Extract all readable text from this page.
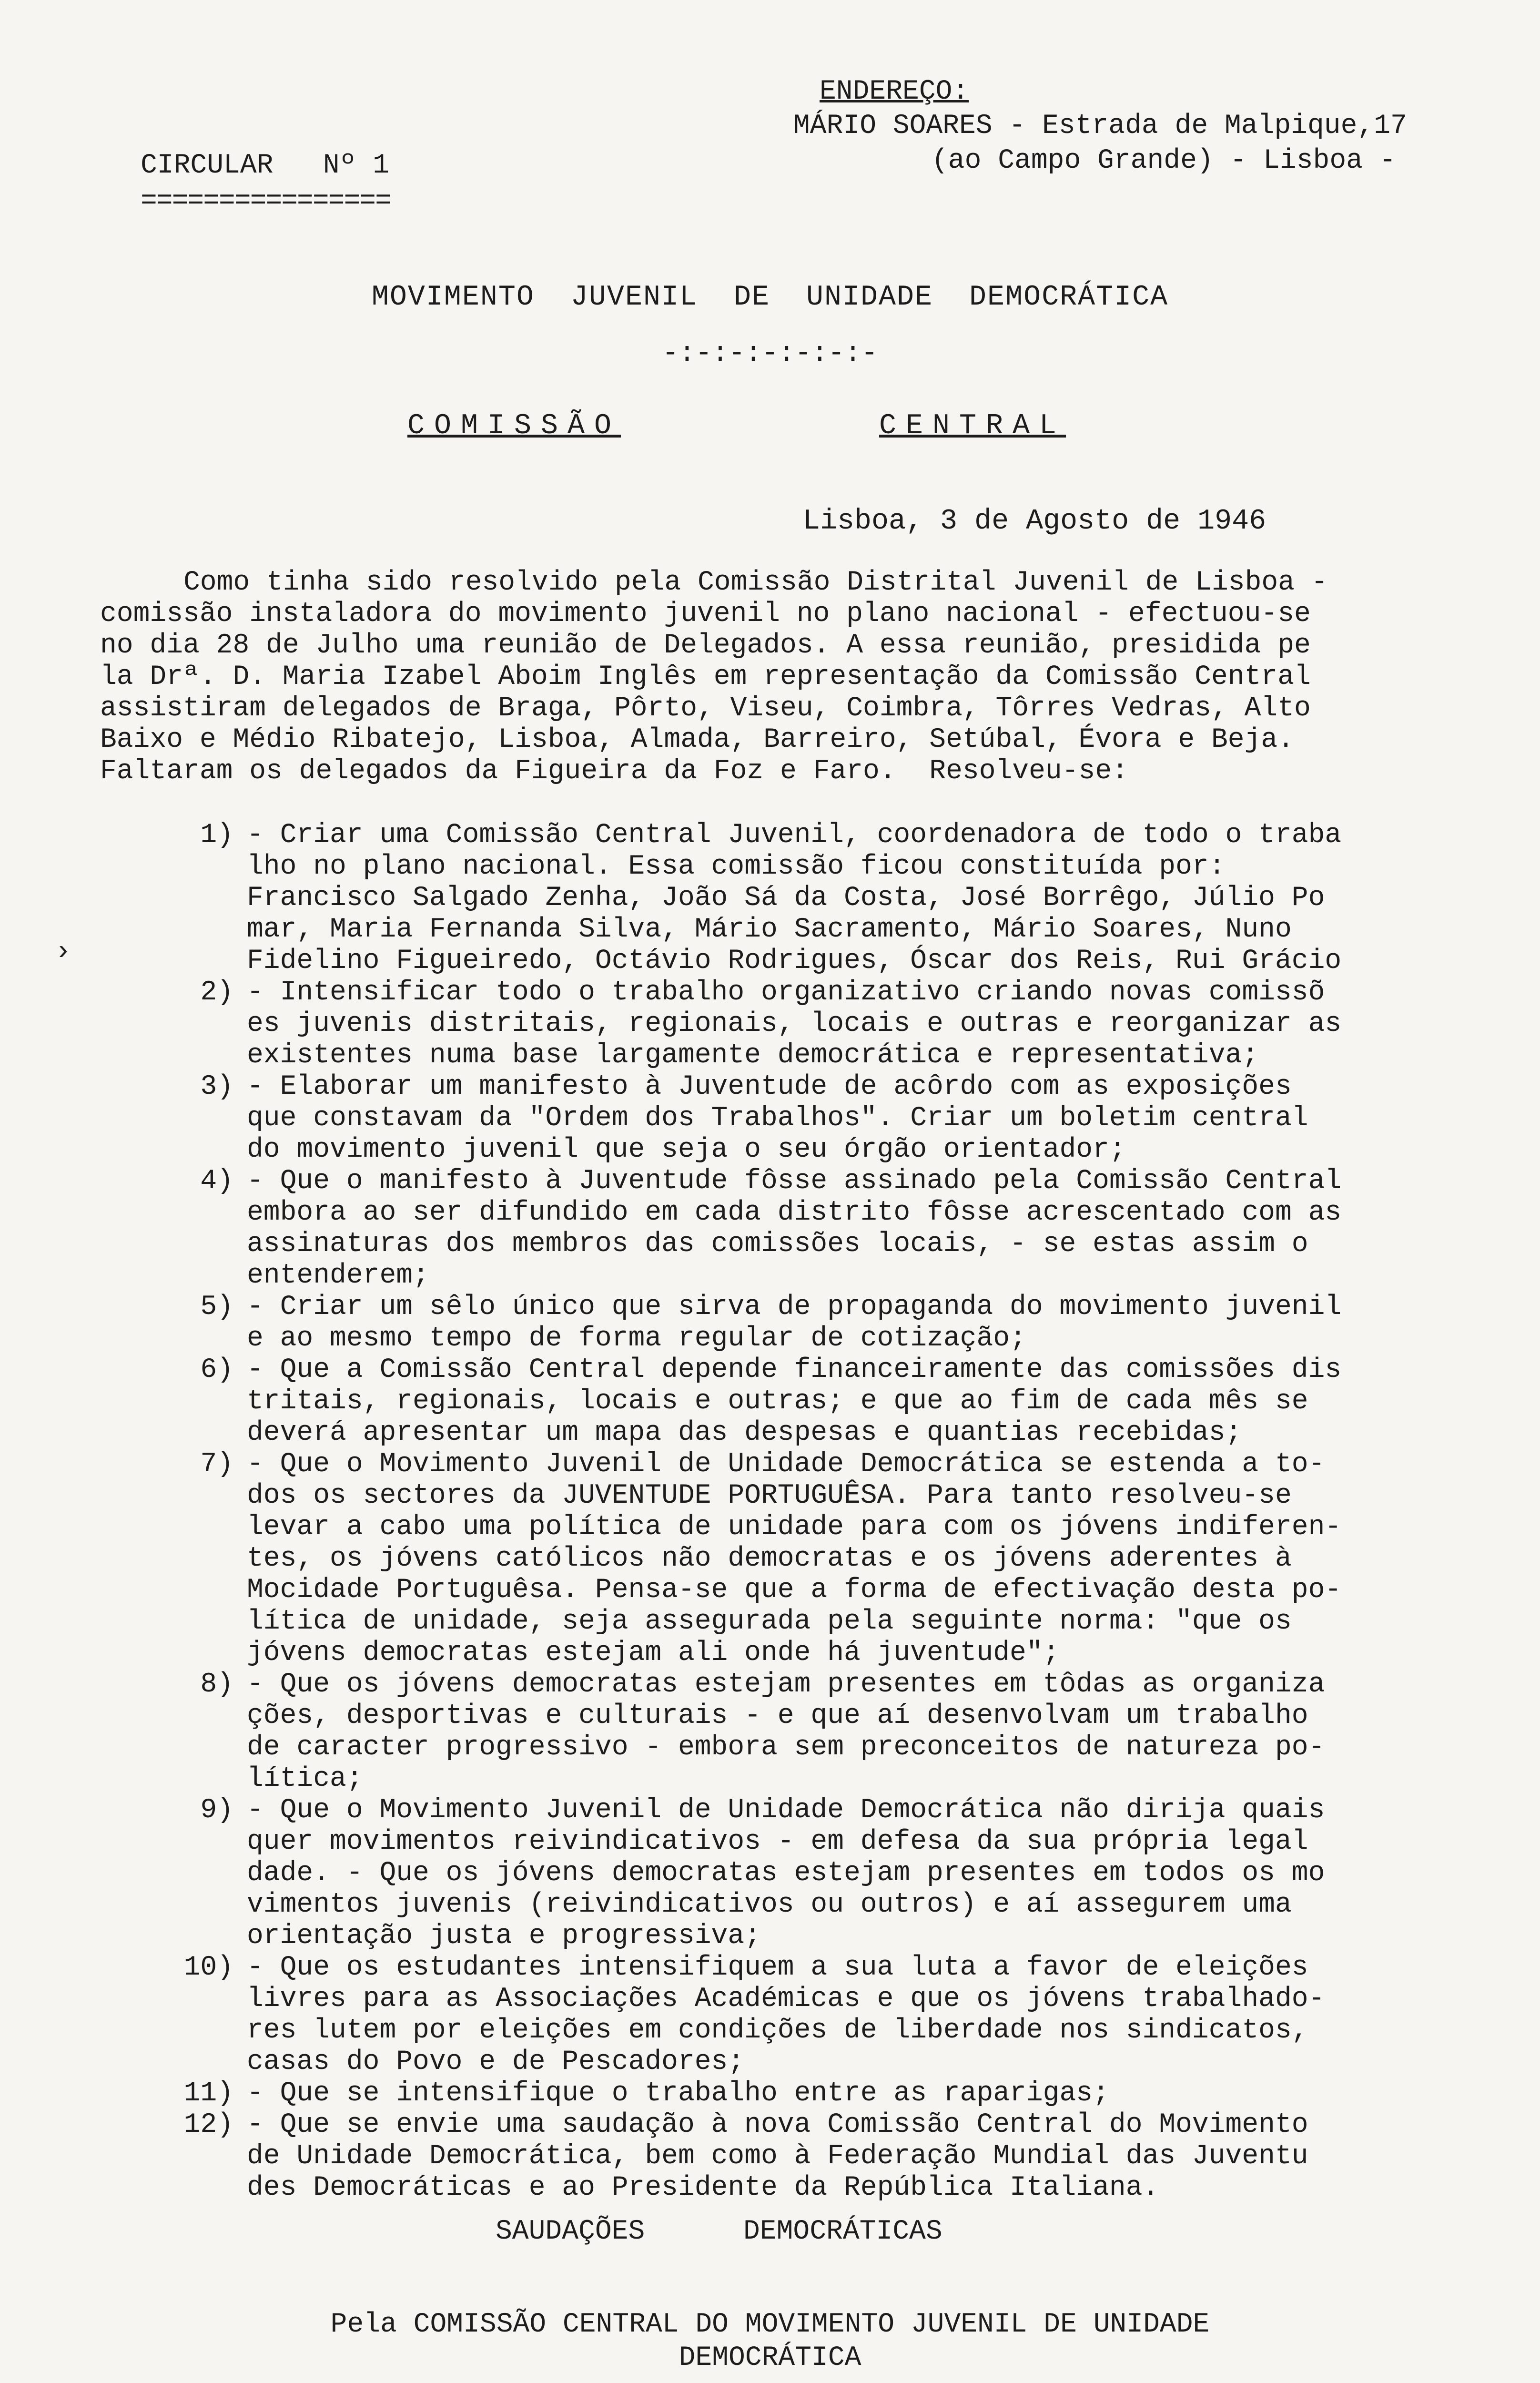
ENDEREÇO:
MÁRIO SOARES - Estrada de Malpique,17
(ao Campo Grande) - Lisboa -
CIRCULAR   Nº 1
================
MOVIMENTO  JUVENIL  DE  UNIDADE  DEMOCRÁTICA
-:-:-:-:-:-:-
COMISSÃO	CENTRAL
Lisboa, 3 de Agosto de 1946
›

Como tinha sido resolvido pela Comissão Distrital Juvenil de Lisboa -

comissão instaladora do movimento juvenil no plano nacional - efectuou-se

no dia 28 de Julho uma reunião de Delegados. A essa reunião, presidida pe

la Drª. D. Maria Izabel Aboim Inglês em representação da Comissão Central

assistiram delegados de Braga, Pôrto, Viseu, Coimbra, Tôrres Vedras, Alto

Baixo e Médio Ribatejo, Lisboa, Almada, Barreiro, Setúbal, Évora e Beja.

Faltaram os delegados da Figueira da Foz e Faro.  Resolveu-se:

1) - Criar uma Comissão Central Juvenil, coordenadora de todo o traba
lho no plano nacional. Essa comissão ficou constituída por:
Francisco Salgado Zenha, João Sá da Costa, José Borrêgo, Júlio Po
mar, Maria Fernanda Silva, Mário Sacramento, Mário Soares, Nuno
Fidelino Figueiredo, Octávio Rodrigues, Óscar dos Reis, Rui Grácio
2) - Intensificar todo o trabalho organizativo criando novas comissõ
es juvenis distritais, regionais, locais e outras e reorganizar as
existentes numa base largamente democrática e representativa;
3) - Elaborar um manifesto à Juventude de acôrdo com as exposições
que constavam da "Ordem dos Trabalhos". Criar um boletim central
do movimento juvenil que seja o seu órgão orientador;
4) - Que o manifesto à Juventude fôsse assinado pela Comissão Central
embora ao ser difundido em cada distrito fôsse acrescentado com as
assinaturas dos membros das comissões locais, - se estas assim o
entenderem;
5) - Criar um sêlo único que sirva de propaganda do movimento juvenil
e ao mesmo tempo de forma regular de cotização;
6) - Que a Comissão Central depende financeiramente das comissões dis
tritais, regionais, locais e outras; e que ao fim de cada mês se
deverá apresentar um mapa das despesas e quantias recebidas;
7) - Que o Movimento Juvenil de Unidade Democrática se estenda a to-
dos os sectores da JUVENTUDE PORTUGUÊSA. Para tanto resolveu-se
levar a cabo uma política de unidade para com os jóvens indiferen-
tes, os jóvens católicos não democratas e os jóvens aderentes à
Mocidade Portuguêsa. Pensa-se que a forma de efectivação desta po-
lítica de unidade, seja assegurada pela seguinte norma: "que os
jóvens democratas estejam ali onde há juventude";
8) - Que os jóvens democratas estejam presentes em tôdas as organiza
ções, desportivas e culturais - e que aí desenvolvam um trabalho
de caracter progressivo - embora sem preconceitos de natureza po-
lítica;
9) - Que o Movimento Juvenil de Unidade Democrática não dirija quais
quer movimentos reivindicativos - em defesa da sua própria legal
dade. - Que os jóvens democratas estejam presentes em todos os mo
vimentos juvenis (reivindicativos ou outros) e aí assegurem uma
orientação justa e progressiva;
10) - Que os estudantes intensifiquem a sua luta a favor de eleições
livres para as Associações Académicas e que os jóvens trabalhado-
res lutem por eleições em condições de liberdade nos sindicatos,
casas do Povo e de Pescadores;
11) - Que se intensifique o trabalho entre as raparigas;
12) - Que se envie uma saudação à nova Comissão Central do Movimento
de Unidade Democrática, bem como à Federação Mundial das Juventu
des Democráticas e ao Presidente da República Italiana.
SAUDAÇÕES	DEMOCRÁTICAS
Pela COMISSÃO CENTRAL DO MOVIMENTO JUVENIL DE UNIDADE
DEMOCRÁTICA
